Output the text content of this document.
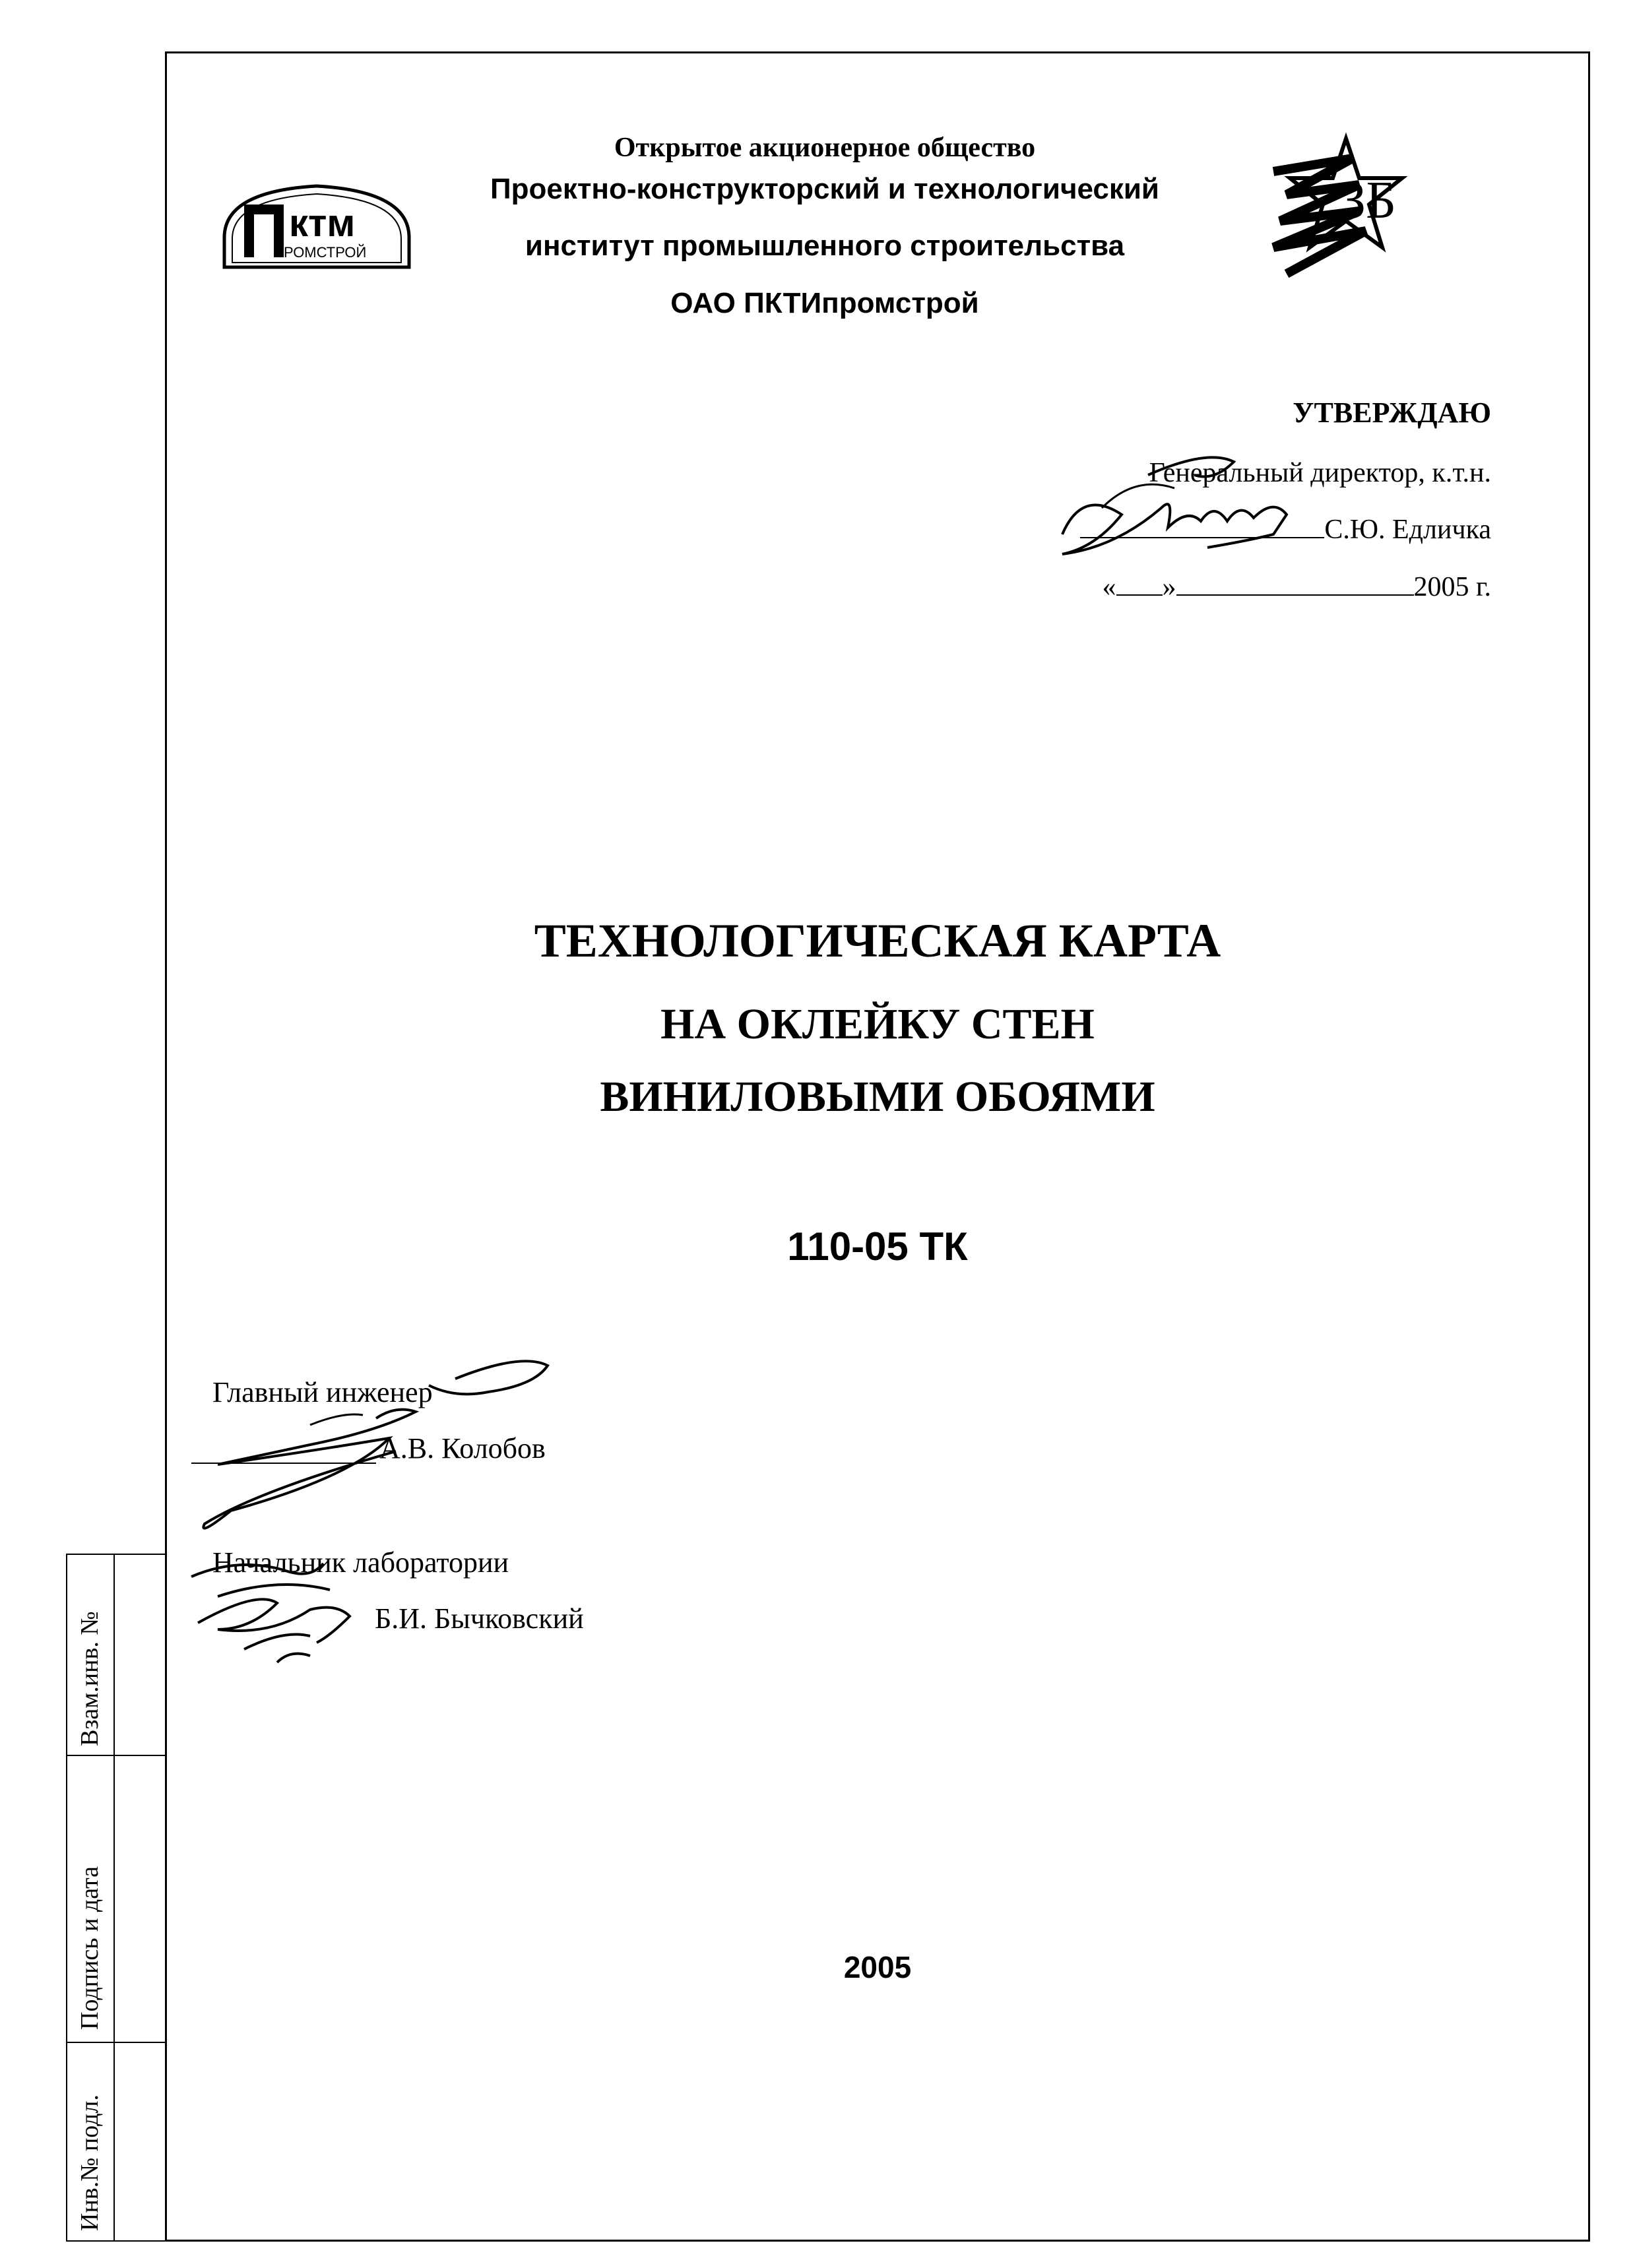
ктм
РОМСТРОЙ
ЗБ
Открытое акционерное общество
Проектно-конструкторский и технологический
институт промышленного строительства
ОАО ПКТИпромстрой
УТВЕРЖДАЮ
Генеральный директор, к.т.н.
С.Ю. Едличка
« »	2005 г.
ТЕХНОЛОГИЧЕСКАЯ КАРТА
НА ОКЛЕЙКУ СТЕН
ВИНИЛОВЫМИ ОБОЯМИ
110-05 ТК
Главный инженер
А.В. Колобов
Начальник лаборатории
Б.И. Бычковский
2005
Взам.инв. №
Подпись и дата
Инв.№ подл.
